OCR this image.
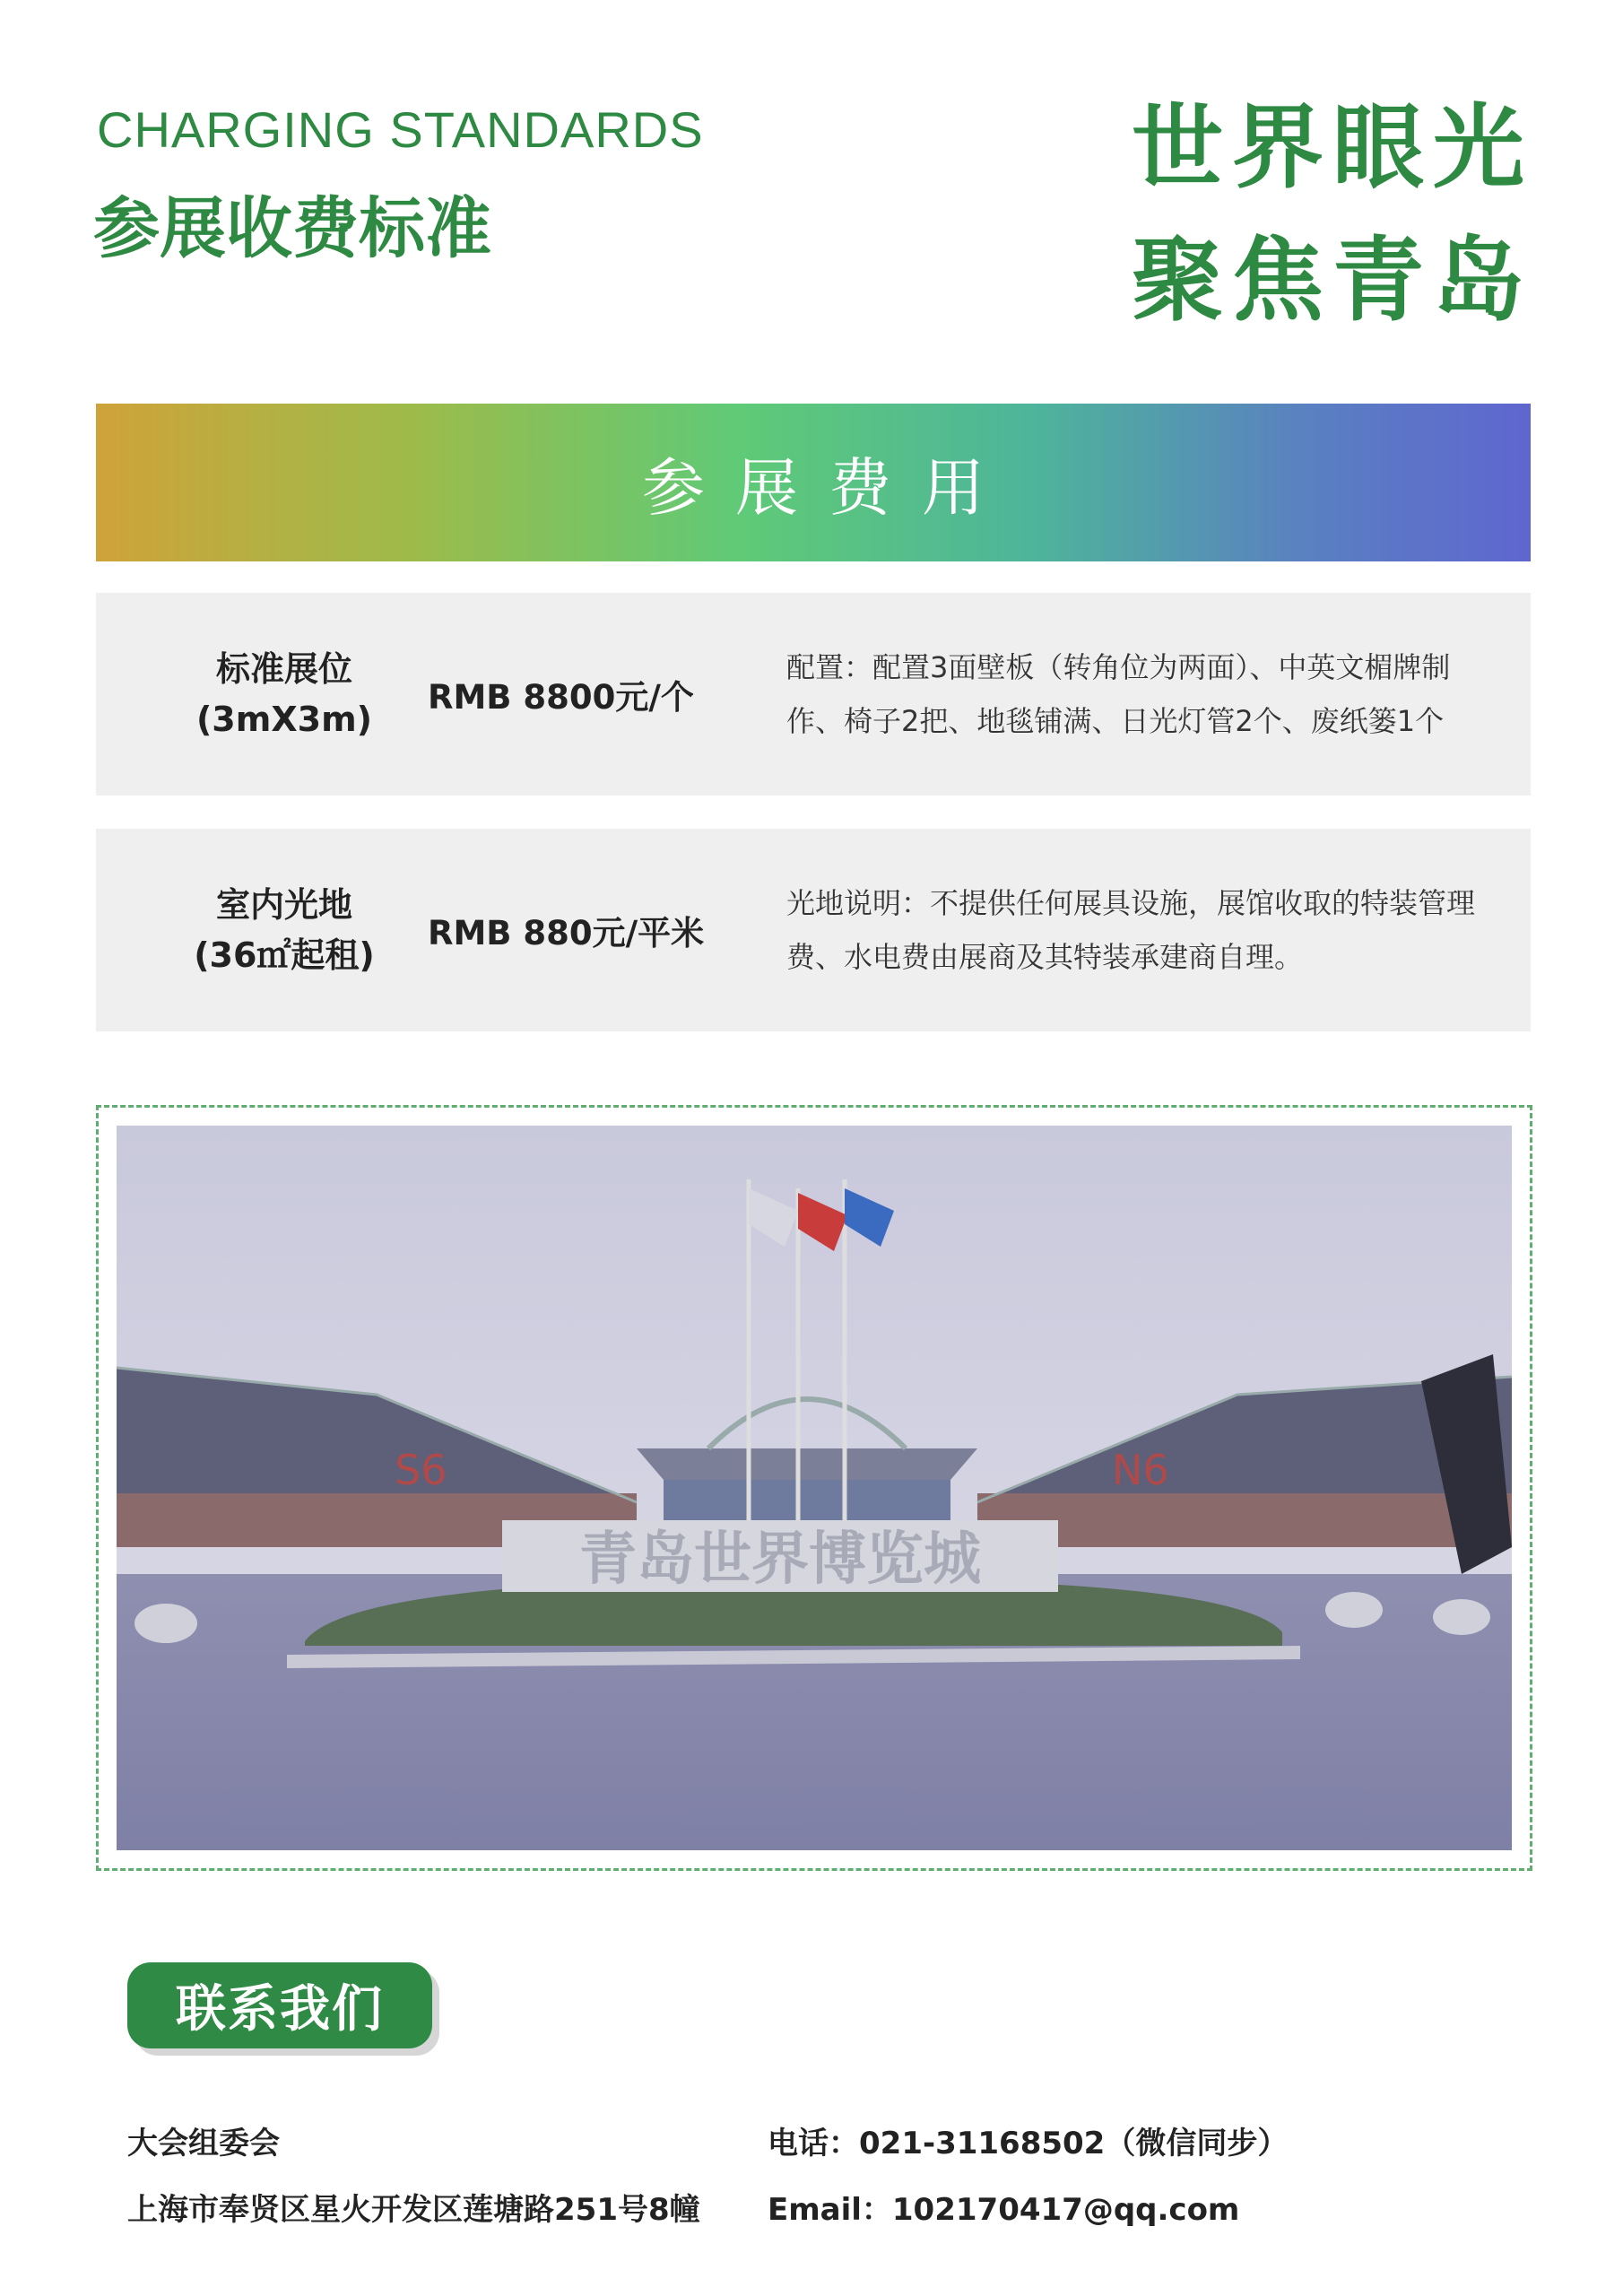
CHARGING STANDARDS
参展收费标准
世界眼光
聚焦青岛
参展费用
标准展位
(3mX3m)
RMB 8800元/个
配置：配置3面壁板（转角位为两面）、中英文楣牌制作、椅子2把、地毯铺满、日光灯管2个、废纸篓1个
室内光地
(36㎡起租)
RMB 880元/平米
光地说明：不提供任何展具设施，展馆收取的特装管理费、水电费由展商及其特装承建商自理。
S6	N6
青岛世界博览城
联系我们
大会组委会
上海市奉贤区星火开发区莲塘路251号8幢
电话：021-31168502（微信同步）
Email：102170417@qq.com
